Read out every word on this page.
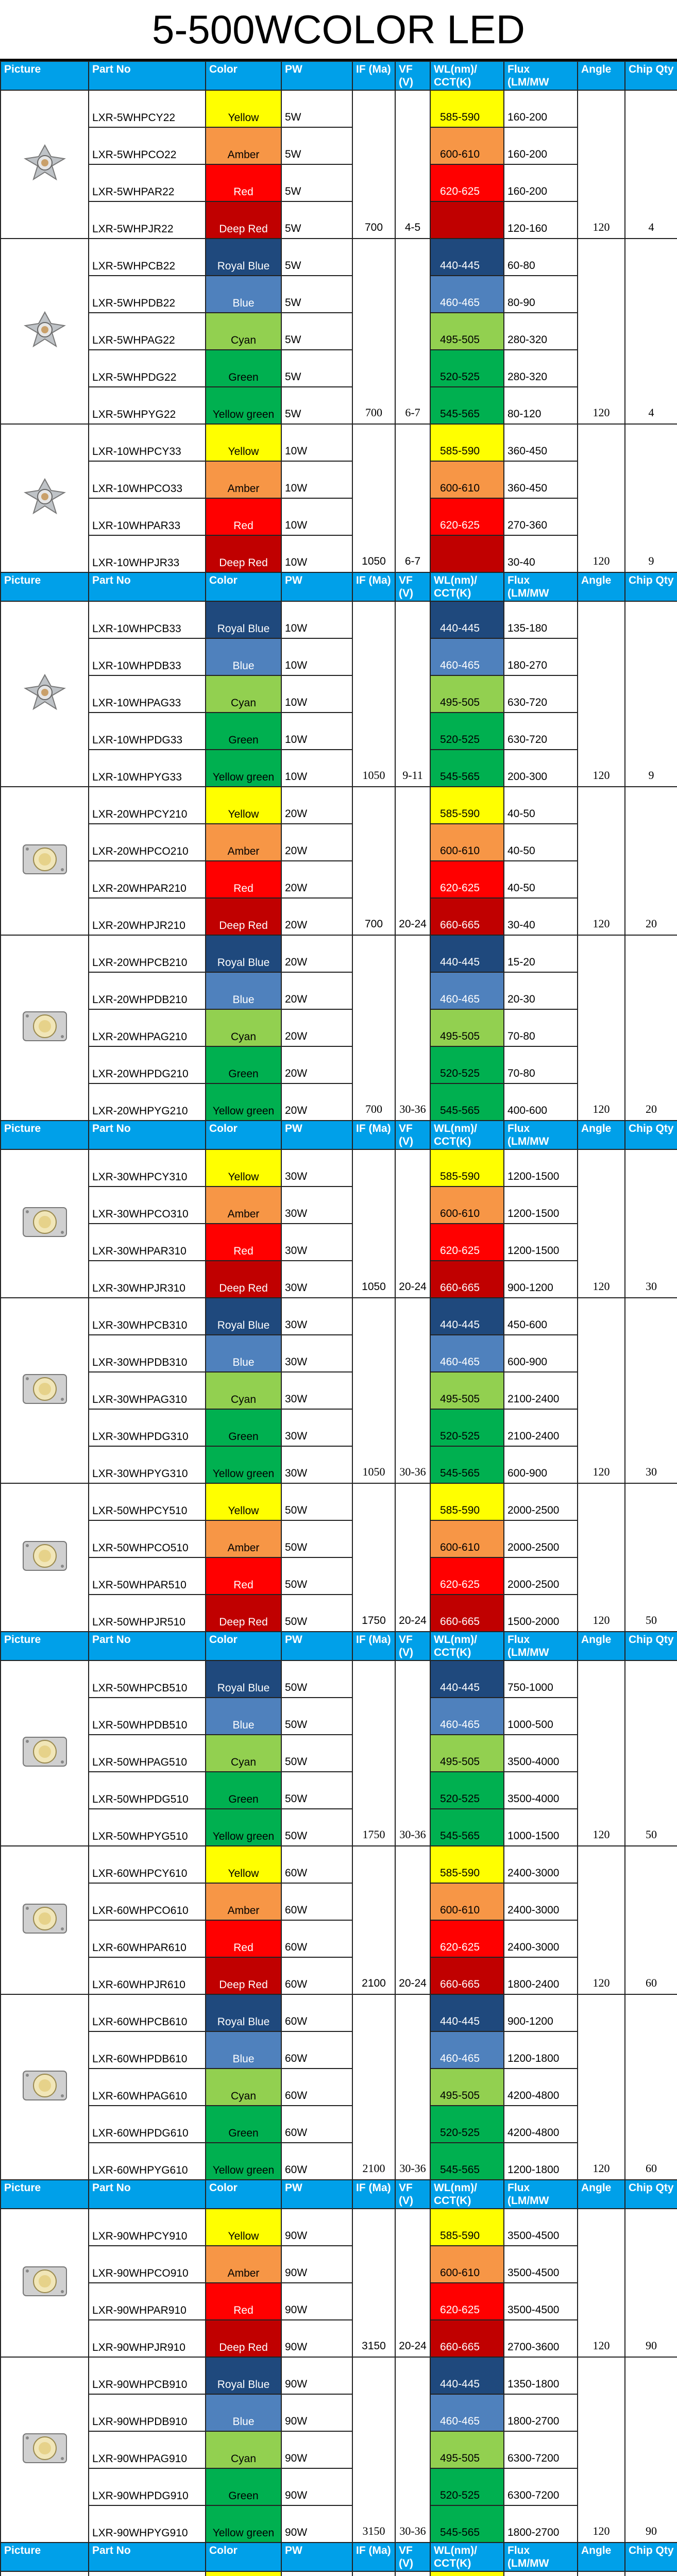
5-500WCOLOR LED
Picture	Part No	Color	PW	IF (Ma)	VF (V)	WL(nm)/ CCT(K)	Flux (LM/MW	Angle	Chip Qty
	LXR-5WHPCY22	Yellow	5W	700	4-5	585-590	160-200	120	4
	LXR-5WHPCO22	Amber	5W			600-610	160-200		
	LXR-5WHPAR22	Red	5W			620-625	160-200		
	LXR-5WHPJR22	Deep Red	5W				120-160		
	LXR-5WHPCB22	Royal Blue	5W	700	6-7	440-445	60-80	120	4
	LXR-5WHPDB22	Blue	5W			460-465	80-90		
	LXR-5WHPAG22	Cyan	5W			495-505	280-320		
	LXR-5WHPDG22	Green	5W			520-525	280-320		
	LXR-5WHPYG22	Yellow green	5W			545-565	80-120		
	LXR-10WHPCY33	Yellow	10W	1050	6-7	585-590	360-450	120	9
	LXR-10WHPCO33	Amber	10W			600-610	360-450		
	LXR-10WHPAR33	Red	10W			620-625	270-360		
	LXR-10WHPJR33	Deep Red	10W				30-40		
Picture	Part No	Color	PW	IF (Ma)	VF (V)	WL(nm)/ CCT(K)	Flux (LM/MW	Angle	Chip Qty
	LXR-10WHPCB33	Royal Blue	10W	1050	9-11	440-445	135-180	120	9
	LXR-10WHPDB33	Blue	10W			460-465	180-270		
	LXR-10WHPAG33	Cyan	10W			495-505	630-720		
	LXR-10WHPDG33	Green	10W			520-525	630-720		
	LXR-10WHPYG33	Yellow green	10W			545-565	200-300		
	LXR-20WHPCY210	Yellow	20W	700	20-24	585-590	40-50	120	20
	LXR-20WHPCO210	Amber	20W			600-610	40-50		
	LXR-20WHPAR210	Red	20W			620-625	40-50		
	LXR-20WHPJR210	Deep Red	20W			660-665	30-40		
	LXR-20WHPCB210	Royal Blue	20W	700	30-36	440-445	15-20	120	20
	LXR-20WHPDB210	Blue	20W			460-465	20-30		
	LXR-20WHPAG210	Cyan	20W			495-505	70-80		
	LXR-20WHPDG210	Green	20W			520-525	70-80		
	LXR-20WHPYG210	Yellow green	20W			545-565	400-600		
Picture	Part No	Color	PW	IF (Ma)	VF (V)	WL(nm)/ CCT(K)	Flux (LM/MW	Angle	Chip Qty
	LXR-30WHPCY310	Yellow	30W	1050	20-24	585-590	1200-1500	120	30
	LXR-30WHPCO310	Amber	30W			600-610	1200-1500		
	LXR-30WHPAR310	Red	30W			620-625	1200-1500		
	LXR-30WHPJR310	Deep Red	30W			660-665	900-1200		
	LXR-30WHPCB310	Royal Blue	30W	1050	30-36	440-445	450-600	120	30
	LXR-30WHPDB310	Blue	30W			460-465	600-900		
	LXR-30WHPAG310	Cyan	30W			495-505	2100-2400		
	LXR-30WHPDG310	Green	30W			520-525	2100-2400		
	LXR-30WHPYG310	Yellow green	30W			545-565	600-900		
	LXR-50WHPCY510	Yellow	50W	1750	20-24	585-590	2000-2500	120	50
	LXR-50WHPCO510	Amber	50W			600-610	2000-2500		
	LXR-50WHPAR510	Red	50W			620-625	2000-2500		
	LXR-50WHPJR510	Deep Red	50W			660-665	1500-2000		
Picture	Part No	Color	PW	IF (Ma)	VF (V)	WL(nm)/ CCT(K)	Flux (LM/MW	Angle	Chip Qty
	LXR-50WHPCB510	Royal Blue	50W	1750	30-36	440-445	750-1000	120	50
	LXR-50WHPDB510	Blue	50W			460-465	1000-500		
	LXR-50WHPAG510	Cyan	50W			495-505	3500-4000		
	LXR-50WHPDG510	Green	50W			520-525	3500-4000		
	LXR-50WHPYG510	Yellow green	50W			545-565	1000-1500		
	LXR-60WHPCY610	Yellow	60W	2100	20-24	585-590	2400-3000	120	60
	LXR-60WHPCO610	Amber	60W			600-610	2400-3000		
	LXR-60WHPAR610	Red	60W			620-625	2400-3000		
	LXR-60WHPJR610	Deep Red	60W			660-665	1800-2400		
	LXR-60WHPCB610	Royal Blue	60W	2100	30-36	440-445	900-1200	120	60
	LXR-60WHPDB610	Blue	60W			460-465	1200-1800		
	LXR-60WHPAG610	Cyan	60W			495-505	4200-4800		
	LXR-60WHPDG610	Green	60W			520-525	4200-4800		
	LXR-60WHPYG610	Yellow green	60W			545-565	1200-1800		
Picture	Part No	Color	PW	IF (Ma)	VF (V)	WL(nm)/ CCT(K)	Flux (LM/MW	Angle	Chip Qty
	LXR-90WHPCY910	Yellow	90W	3150	20-24	585-590	3500-4500	120	90
	LXR-90WHPCO910	Amber	90W			600-610	3500-4500		
	LXR-90WHPAR910	Red	90W			620-625	3500-4500		
	LXR-90WHPJR910	Deep Red	90W			660-665	2700-3600		
	LXR-90WHPCB910	Royal Blue	90W	3150	30-36	440-445	1350-1800	120	90
	LXR-90WHPDB910	Blue	90W			460-465	1800-2700		
	LXR-90WHPAG910	Cyan	90W			495-505	6300-7200		
	LXR-90WHPDG910	Green	90W			520-525	6300-7200		
	LXR-90WHPYG910	Yellow green	90W			545-565	1800-2700		
Picture	Part No	Color	PW	IF (Ma)	VF (V)	WL(nm)/ CCT(K)	Flux (LM/MW	Angle	Chip Qty
